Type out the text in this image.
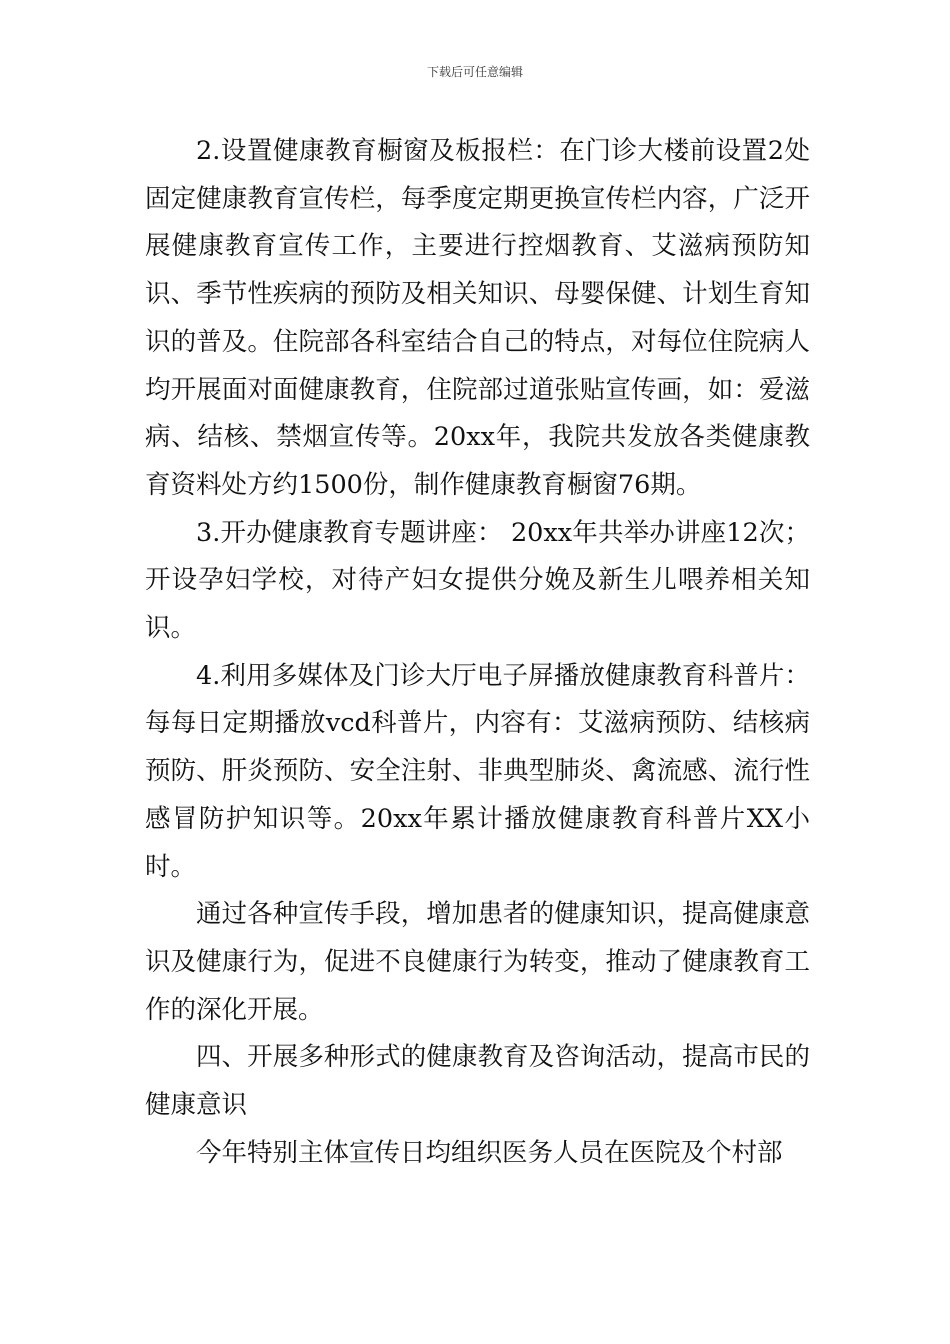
下载后可任意编辑

2.设置健康教育橱窗及板报栏：在门诊大楼前设置2处固定健康教育宣传栏，每季度定期更换宣传栏内容，广泛开展健康教育宣传工作，主要进行控烟教育、艾滋病预防知识、季节性疾病的预防及相关知识、母婴保健、计划生育知识的普及。住院部各科室结合自己的特点，对每位住院病人均开展面对面健康教育，住院部过道张贴宣传画，如：爱滋病、结核、禁烟宣传等。20xx年，我院共发放各类健康教育资料处方约1500份，制作健康教育橱窗76期。

3.开办健康教育专题讲座： 20xx年共举办讲座12次；开设孕妇学校，对待产妇女提供分娩及新生儿喂养相关知识。

4.利用多媒体及门诊大厅电子屏播放健康教育科普片：每每日定期播放vcd科普片，内容有：艾滋病预防、结核病预防、肝炎预防、安全注射、非典型肺炎、禽流感、流行性感冒防护知识等。20xx年累计播放健康教育科普片XX小时。

通过各种宣传手段，增加患者的健康知识，提高健康意识及健康行为，促进不良健康行为转变，推动了健康教育工作的深化开展。

四、开展多种形式的健康教育及咨询活动，提高市民的健康意识

今年特别主体宣传日均组织医务人员在医院及个村部
